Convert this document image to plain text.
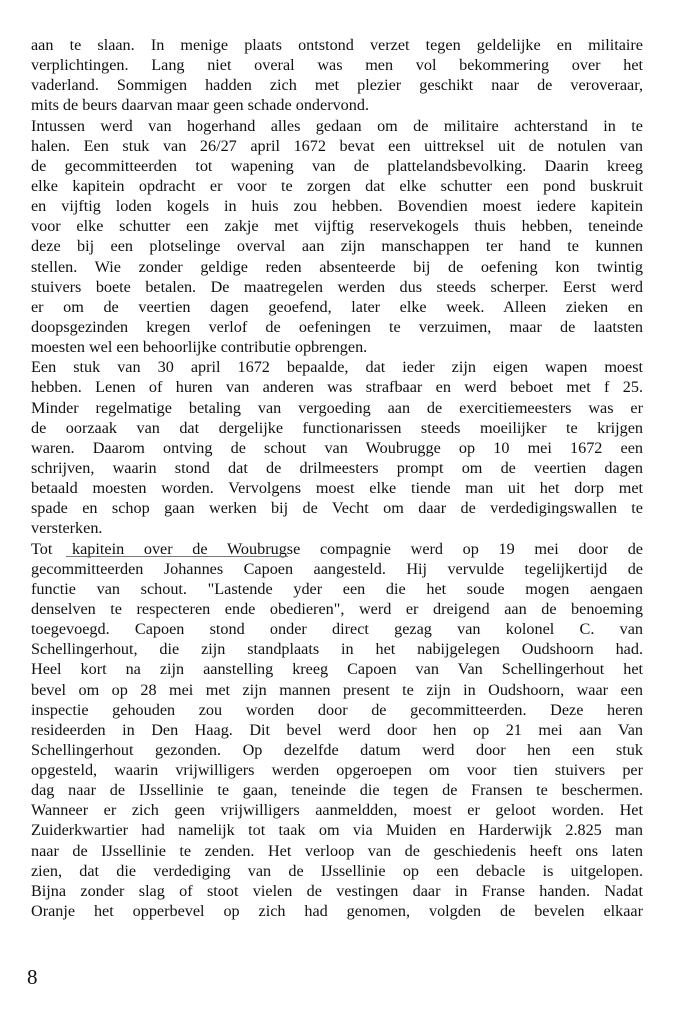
aan te slaan. In menige plaats ontstond verzet tegen geldelijke en militaire
verplichtingen. Lang niet overal was men vol bekommering over het
vaderland. Sommigen hadden zich met plezier geschikt naar de veroveraar,
mits de beurs daarvan maar geen schade ondervond.
Intussen werd van hogerhand alles gedaan om de militaire achterstand in te
halen. Een stuk van 26/27 april 1672 bevat een uittreksel uit de notulen van
de gecommitteerden tot wapening van de plattelandsbevolking. Daarin kreeg
elke kapitein opdracht er voor te zorgen dat elke schutter een pond buskruit
en vijftig loden kogels in huis zou hebben. Bovendien moest iedere kapitein
voor elke schutter een zakje met vijftig reservekogels thuis hebben, teneinde
deze bij een plotselinge overval aan zijn manschappen ter hand te kunnen
stellen. Wie zonder geldige reden absenteerde bij de oefening kon twintig
stuivers boete betalen. De maatregelen werden dus steeds scherper. Eerst werd
er om de veertien dagen geoefend, later elke week. Alleen zieken en
doopsgezinden kregen verlof de oefeningen te verzuimen, maar de laatsten
moesten wel een behoorlijke contributie opbrengen.
Een stuk van 30 april 1672 bepaalde, dat ieder zijn eigen wapen moest
hebben. Lenen of huren van anderen was strafbaar en werd beboet met f 25.
Minder regelmatige betaling van vergoeding aan de exercitiemeesters was er
de oorzaak van dat dergelijke functionarissen steeds moeilijker te krijgen
waren. Daarom ontving de schout van Woubrugge op 10 mei 1672 een
schrijven, waarin stond dat de drilmeesters prompt om de veertien dagen
betaald moesten worden. Vervolgens moest elke tiende man uit het dorp met
spade en schop gaan werken bij de Vecht om daar de verdedigingswallen te
versterken.
Tot kapitein over de Woubrugse compagnie werd op 19 mei door de
gecommitteerden Johannes Capoen aangesteld. Hij vervulde tegelijkertijd de
functie van schout. "Lastende yder een die het soude mogen aengaen
denselven te respecteren ende obedieren", werd er dreigend aan de benoeming
toegevoegd. Capoen stond onder direct gezag van kolonel C. van
Schellingerhout, die zijn standplaats in het nabijgelegen Oudshoorn had.
Heel kort na zijn aanstelling kreeg Capoen van Van Schellingerhout het
bevel om op 28 mei met zijn mannen present te zijn in Oudshoorn, waar een
inspectie gehouden zou worden door de gecommitteerden. Deze heren
resideerden in Den Haag. Dit bevel werd door hen op 21 mei aan Van
Schellingerhout gezonden. Op dezelfde datum werd door hen een stuk
opgesteld, waarin vrijwilligers werden opgeroepen om voor tien stuivers per
dag naar de IJssellinie te gaan, teneinde die tegen de Fransen te beschermen.
Wanneer er zich geen vrijwilligers aanmeldden, moest er geloot worden. Het
Zuiderkwartier had namelijk tot taak om via Muiden en Harderwijk 2.825 man
naar de IJssellinie te zenden. Het verloop van de geschiedenis heeft ons laten
zien, dat die verdediging van de IJssellinie op een debacle is uitgelopen.
Bijna zonder slag of stoot vielen de vestingen daar in Franse handen. Nadat
Oranje het opperbevel op zich had genomen, volgden de bevelen elkaar
8
